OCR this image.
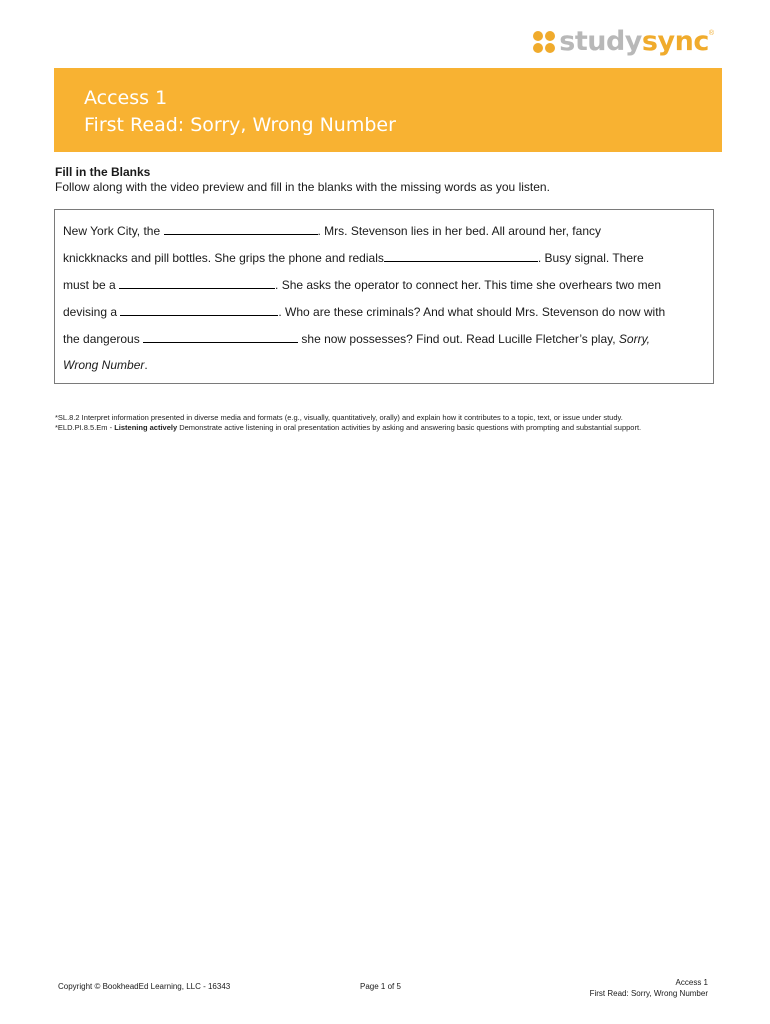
studysync ®
Access 1
First Read: Sorry, Wrong Number
Fill in the Blanks
Follow along with the video preview and fill in the blanks with the missing words as you listen.
New York City, the	. Mrs. Stevenson lies in her bed. All around her, fancy
knickknacks and pill bottles. She grips the phone and redials	. Busy signal. There
must be a	. She asks the operator to connect her. This time she overhears two men
devising a	. Who are these criminals? And what should Mrs. Stevenson do now with
the dangerous	she now possesses? Find out. Read Lucille Fletcher’s play, Sorry,
Wrong Number.

*SL.8.2 Interpret information presented in diverse media and formats (e.g., visually, quantitatively, orally) and explain how it contributes to a topic, text, or issue under study.

*ELD.PI.8.5.Em - Listening actively Demonstrate active listening in oral presentation activities by asking and answering basic questions with prompting and substantial support.

Copyright © BookheadEd Learning, LLC - 16343	Page 1 of 5	Access 1
First Read: Sorry, Wrong Number
